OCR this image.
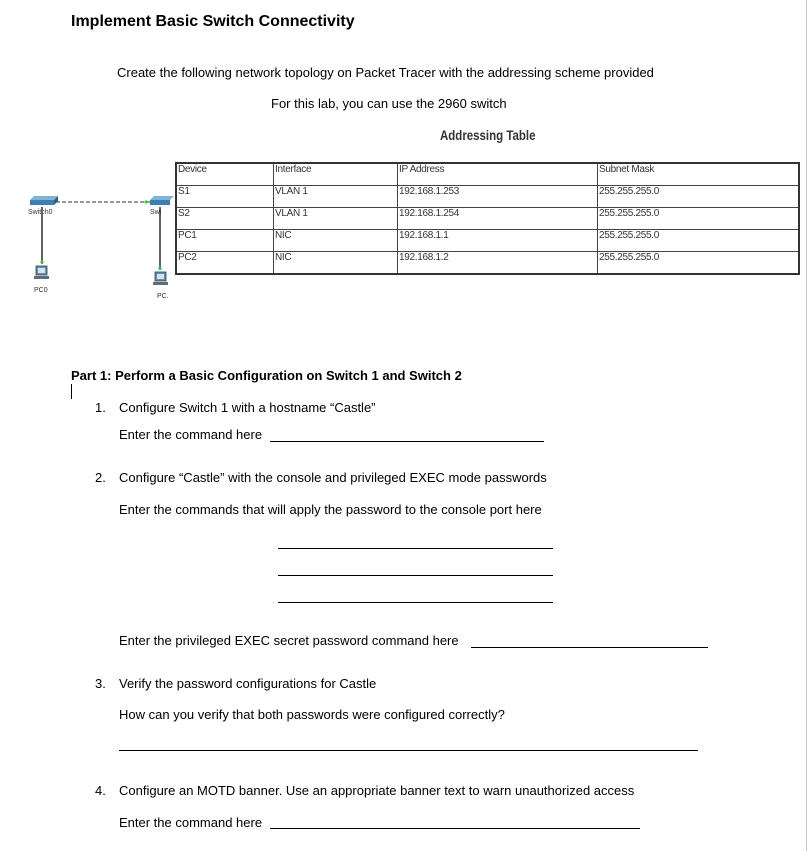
Implement Basic Switch Connectivity
Create the following network topology on Packet Tracer with the addressing scheme provided
For this lab, you can use the 2960 switch
Addressing Table
Switch0	Swi
PC0
PC.
Device	Interface	IP Address	Subnet Mask
S1	VLAN 1	192.168.1.253	255.255.255.0
S2	VLAN 1	192.168.1.254	255.255.255.0
PC1	NIC	192.168.1.1	255.255.255.0
PC2	NIC	192.168.1.2	255.255.255.0
Part 1: Perform a Basic Configuration on Switch 1 and Switch 2
1. Configure Switch 1 with a hostname “Castle”
Enter the command here
2. Configure “Castle” with the console and privileged EXEC mode passwords
Enter the commands that will apply the password to the console port here
Enter the privileged EXEC secret password command here
3. Verify the password configurations for Castle
How can you verify that both passwords were configured correctly?
4. Configure an MOTD banner. Use an appropriate banner text to warn unauthorized access
Enter the command here
